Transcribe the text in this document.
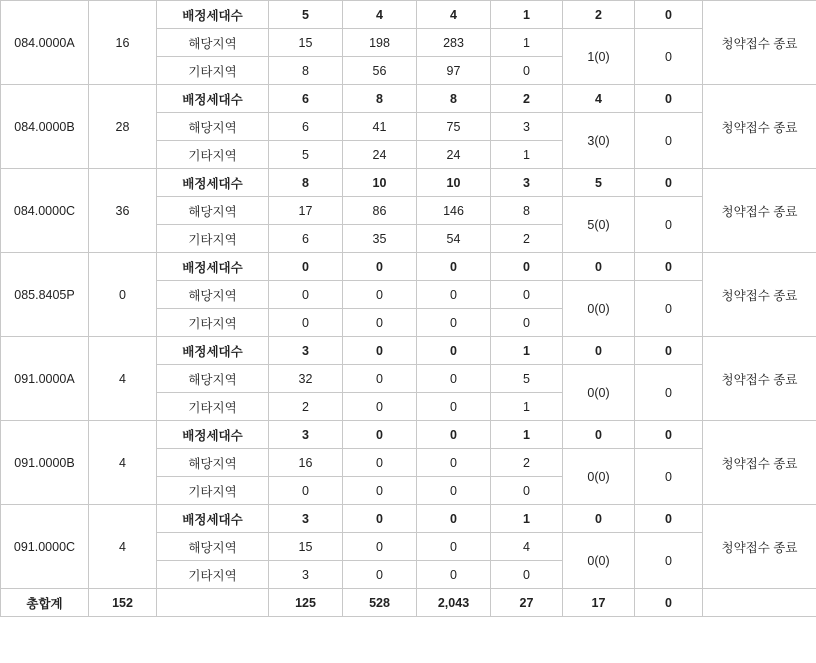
084.0000A	16	배정세대수	5	4	4	1	2	0	청약접수 종료
		해당지역	15	198	283	1	1(0)	0	
		기타지역	8	56	97	0			
084.0000B	28	배정세대수	6	8	8	2	4	0	청약접수 종료
		해당지역	6	41	75	3	3(0)	0	
		기타지역	5	24	24	1			
084.0000C	36	배정세대수	8	10	10	3	5	0	청약접수 종료
		해당지역	17	86	146	8	5(0)	0	
		기타지역	6	35	54	2			
085.8405P	0	배정세대수	0	0	0	0	0	0	청약접수 종료
		해당지역	0	0	0	0	0(0)	0	
		기타지역	0	0	0	0			
091.0000A	4	배정세대수	3	0	0	1	0	0	청약접수 종료
		해당지역	32	0	0	5	0(0)	0	
		기타지역	2	0	0	1			
091.0000B	4	배정세대수	3	0	0	1	0	0	청약접수 종료
		해당지역	16	0	0	2	0(0)	0	
		기타지역	0	0	0	0			
091.0000C	4	배정세대수	3	0	0	1	0	0	청약접수 종료
		해당지역	15	0	0	4	0(0)	0	
		기타지역	3	0	0	0			
총합계	152		125	528	2,043	27	17	0	
